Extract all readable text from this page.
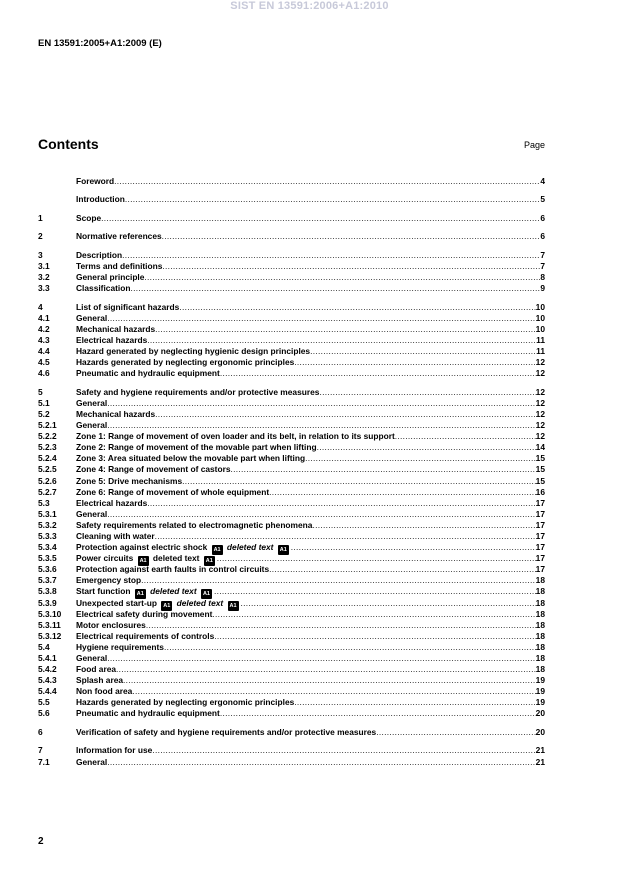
SIST EN 13591:2006+A1:2010
EN 13591:2005+A1:2009 (E)
Contents	Page
Foreword .....	4
Introduction .....	5
1	Scope .....	6
2	Normative references .....	6
3	Description .....	7
3.1	Terms and definitions .....	7
3.2	General principle .....	8
3.3	Classification .....	9
4	List of significant hazards .....	10
4.1	General .....	10
4.2	Mechanical hazards .....	10
4.3	Electrical hazards .....	11
4.4	Hazard generated by neglecting hygienic design principles .....	11
4.5	Hazards generated by neglecting ergonomic principles .....	12
4.6	Pneumatic and hydraulic equipment .....	12
5	Safety and hygiene requirements and/or protective measures .....	12
5.1	General .....	12
5.2	Mechanical hazards .....	12
5.2.1	General .....	12
5.2.2	Zone 1: Range of movement of oven loader and its belt, in relation to its support .....	12
5.2.3	Zone 2: Range of movement of the movable part when lifting .....	14
5.2.4	Zone 3: Area situated below the movable part when lifting .....	15
5.2.5	Zone 4: Range of movement of castors .....	15
5.2.6	Zone 5: Drive mechanisms .....	15
5.2.7	Zone 6: Range of movement of whole equipment .....	16
5.3	Electrical hazards .....	17
5.3.1	General .....	17
5.3.2	Safety requirements related to electromagnetic phenomena .....	17
5.3.3	Cleaning with water .....	17
5.3.4	Protection against electric shock A1 deleted text A1 .....	17
5.3.5	Power circuits A1 deleted text A1 .....	17
5.3.6	Protection against earth faults in control circuits .....	17
5.3.7	Emergency stop .....	18
5.3.8	Start function A1 deleted text A1 .....	18
5.3.9	Unexpected start-up A1 deleted text A1 .....	18
5.3.10	Electrical safety during movement .....	18
5.3.11	Motor enclosures .....	18
5.3.12	Electrical requirements of controls .....	18
5.4	Hygiene requirements .....	18
5.4.1	General .....	18
5.4.2	Food area .....	18
5.4.3	Splash area .....	19
5.4.4	Non food area .....	19
5.5	Hazards generated by neglecting ergonomic principles .....	19
5.6	Pneumatic and hydraulic equipment .....	20
6	Verification of safety and hygiene requirements and/or protective measures .....	20
7	Information for use .....	21
7.1	General .....	21
2
